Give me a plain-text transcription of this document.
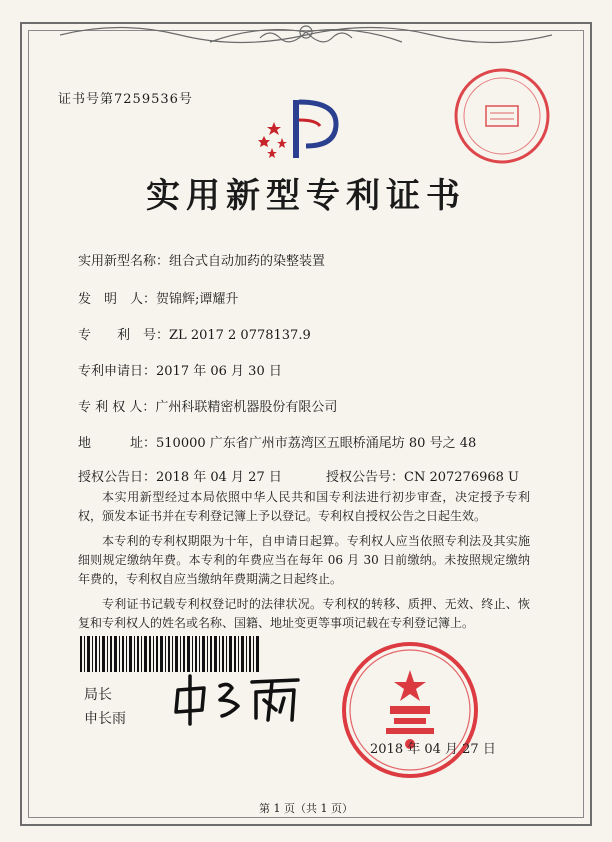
证书号第7259536号
实用新型专利证书
实用新型名称：组合式自动加药的染整装置
发　明　人：贺锦辉;谭耀升
专　　利　号：ZL 2017 2 0778137.9
专利申请日：2017 年 06 月 30 日
专 利 权 人：广州科联精密机器股份有限公司
地　　　址：510000 广东省广州市荔湾区五眼桥涌尾坊 80 号之 48
授权公告日：2018 年 04 月 27 日	授权公告号：CN 207276968 U

本实用新型经过本局依照中华人民共和国专利法进行初步审查，决定授予专利权，颁发本证书并在专利登记簿上予以登记。专利权自授权公告之日起生效。

本专利的专利权期限为十年，自申请日起算。专利权人应当依照专利法及其实施细则规定缴纳年费。本专利的年费应当在每年 06 月 30 日前缴纳。未按照规定缴纳年费的，专利权自应当缴纳年费期满之日起终止。

专利证书记载专利权登记时的法律状况。专利权的转移、质押、无效、终止、恢复和专利权人的姓名或名称、国籍、地址变更等事项记载在专利登记簿上。

局长
申长雨
2018 年 04 月 27 日
第 1 页（共 1 页）
